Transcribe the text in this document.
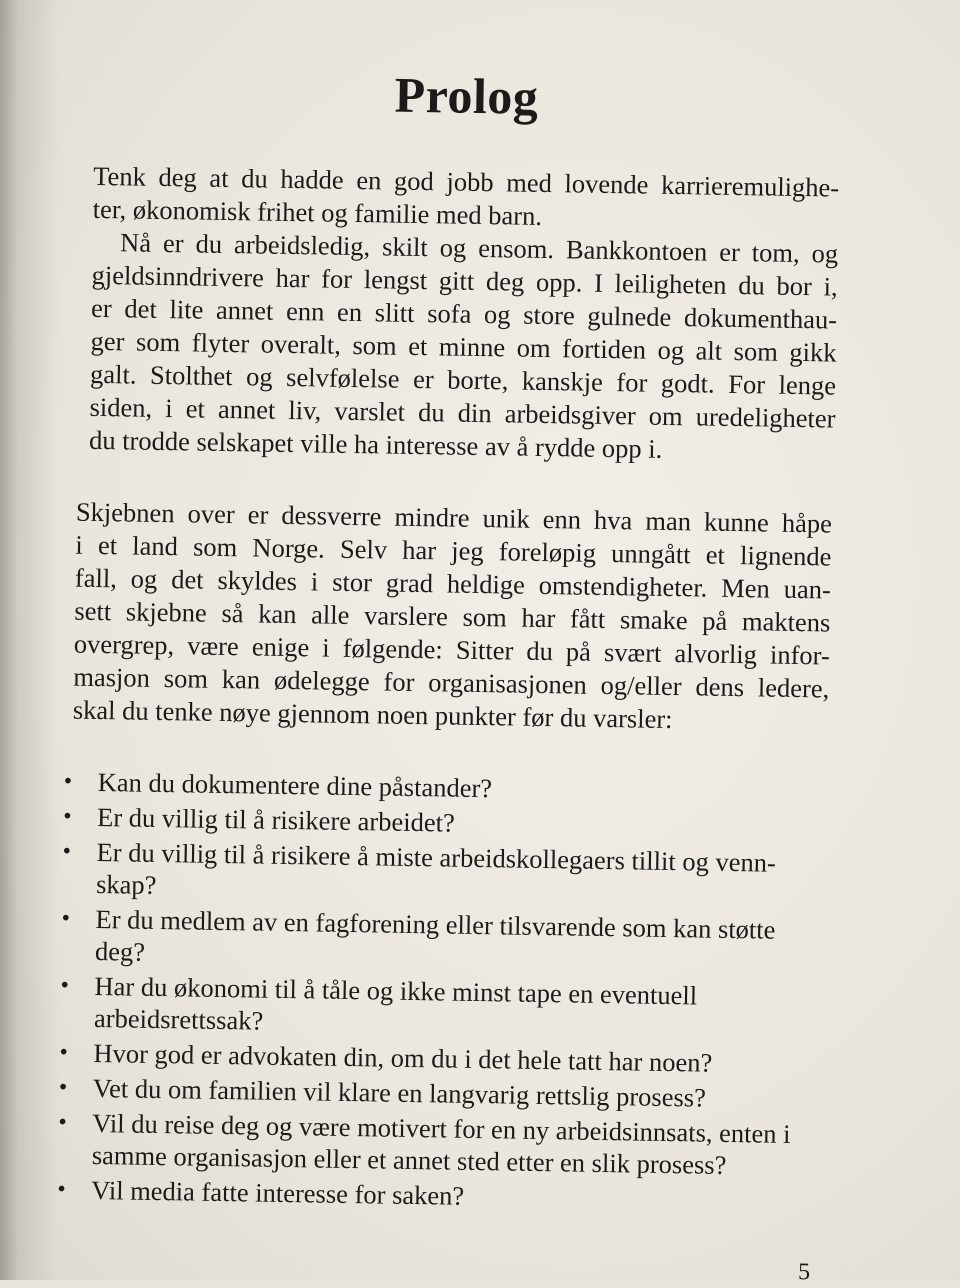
Prolog
Tenk deg at du hadde en god jobb med lovende karrieremulighe-
ter, økonomisk frihet og familie med barn.
Nå er du arbeidsledig, skilt og ensom. Bankkontoen er tom, og
gjeldsinndrivere har for lengst gitt deg opp. I leiligheten du bor i,
er det lite annet enn en slitt sofa og store gulnede dokumenthau-
ger som flyter overalt, som et minne om fortiden og alt som gikk
galt. Stolthet og selvfølelse er borte, kanskje for godt. For lenge
siden, i et annet liv, varslet du din arbeidsgiver om uredeligheter
du trodde selskapet ville ha interesse av å rydde opp i.
Skjebnen over er dessverre mindre unik enn hva man kunne håpe
i et land som Norge. Selv har jeg foreløpig unngått et lignende
fall, og det skyldes i stor grad heldige omstendigheter. Men uan-
sett skjebne så kan alle varslere som har fått smake på maktens
overgrep, være enige i følgende: Sitter du på svært alvorlig infor-
masjon som kan ødelegge for organisasjonen og/eller dens ledere,
skal du tenke nøye gjennom noen punkter før du varsler:
• Kan du dokumentere dine påstander?
• Er du villig til å risikere arbeidet?
• Er du villig til å risikere å miste arbeidskollegaers tillit og venn-skap?
• Er du medlem av en fagforening eller tilsvarende som kan støtte deg?
• Har du økonomi til å tåle og ikke minst tape en eventuell arbeidsrettssak?
• Hvor god er advokaten din, om du i det hele tatt har noen?
• Vet du om familien vil klare en langvarig rettslig prosess?
• Vil du reise deg og være motivert for en ny arbeidsinnsats, enten i samme organisasjon eller et annet sted etter en slik prosess?
• Vil media fatte interesse for saken?
5
